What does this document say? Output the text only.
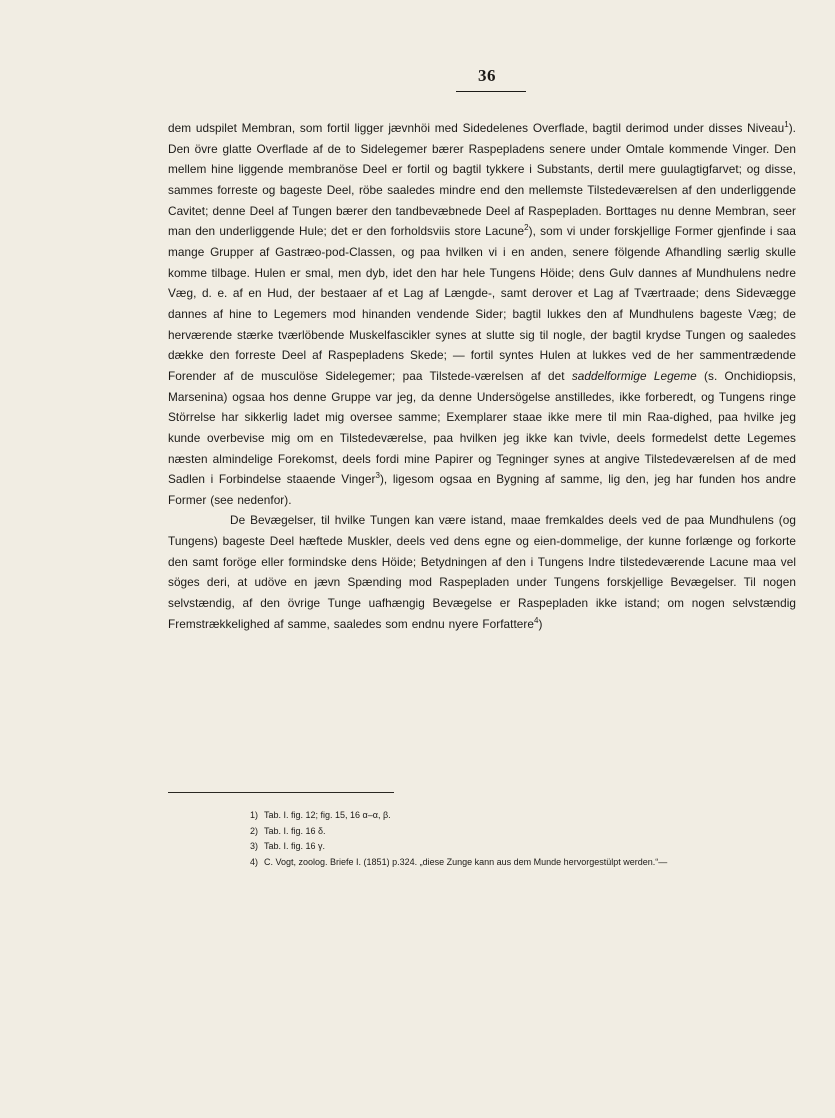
36

dem udspilet Membran, som fortil ligger jævnhöi med Sidedelenes Overflade, bagtil derimod under disses Niveau$^1$). Den övre glatte Overflade af de to Sidelegemer bærer Raspepladens senere under Omtale kommende Vinger. Den mellem hine liggende membranöse Deel er fortil og bagtil tykkere i Substants, dertil mere guulagtigfarvet; og disse, sammes forreste og bageste Deel, röbe saaledes mindre end den mellemste Tilstedeværelsen af den underliggende Cavitet; denne Deel af Tungen bærer den tandbevæbnede Deel af Raspepladen. Borttages nu denne Membran, seer man den underliggende Hule; det er den forholdsviis store Lacune$^2$), som vi under forskjellige Former gjenfinde i saa mange Grupper af Gastræo-pod-Classen, og paa hvilken vi i en anden, senere fölgende Afhandling særlig skulle komme tilbage. Hulen er smal, men dyb, idet den har hele Tungens Höide; dens Gulv dannes af Mundhulens nedre Væg, d. e. af en Hud, der bestaaer af et Lag af Længde-, samt derover et Lag af Tværtraade; dens Sidevægge dannes af hine to Legemers mod hinanden vendende Sider; bagtil lukkes den af Mundhulens bageste Væg; de herværende stærke tværlöbende Muskelfascikler synes at slutte sig til nogle, der bagtil krydse Tungen og saaledes dække den forreste Deel af Raspepladens Skede; — fortil syntes Hulen at lukkes ved de her sammentrædende Forender af de musculöse Sidelegemer; paa Tilstede-værelsen af det saddelformige Legeme (s. Onchidiopsis, Marsenina) ogsaa hos denne Gruppe var jeg, da denne Undersögelse anstilledes, ikke forberedt, og Tungens ringe Störrelse har sikkerlig ladet mig oversee samme; Exemplarer staae ikke mere til min Raa-dighed, paa hvilke jeg kunde overbevise mig om en Tilstedeværelse, paa hvilken jeg ikke kan tvivle, deels formedelst dette Legemes næsten almindelige Forekomst, deels fordi mine Papirer og Tegninger synes at angive Tilstedeværelsen af de med Sadlen i Forbindelse staaende Vinger$^3$), ligesom ogsaa en Bygning af samme, lig den, jeg har funden hos andre Former (see nedenfor).

De Bevægelser, til hvilke Tungen kan være istand, maae fremkaldes deels ved de paa Mundhulens (og Tungens) bageste Deel hæftede Muskler, deels ved dens egne og eien-dommelige, der kunne forlænge og forkorte den samt foröge eller formindske dens Höide; Betydningen af den i Tungens Indre tilstedeværende Lacune maa vel söges deri, at udöve en jævn Spænding mod Raspepladen under Tungens forskjellige Bevægelser. Til nogen selvstændig, af den övrige Tunge uafhængig Bevægelse er Raspepladen ikke istand; om nogen selvstændig Fremstrækkelighed af samme, saaledes som endnu nyere Forfattere$^4$)

1) Tab. I. fig. 12; fig. 15, 16 α–α, β.
2) Tab. I. fig. 16 δ.
3) Tab. I. fig. 16 γ.
4) C. Vogt, zoolog. Briefe I. (1851) p.324. „diese Zunge kann aus dem Munde hervorgestülpt werden.“—
